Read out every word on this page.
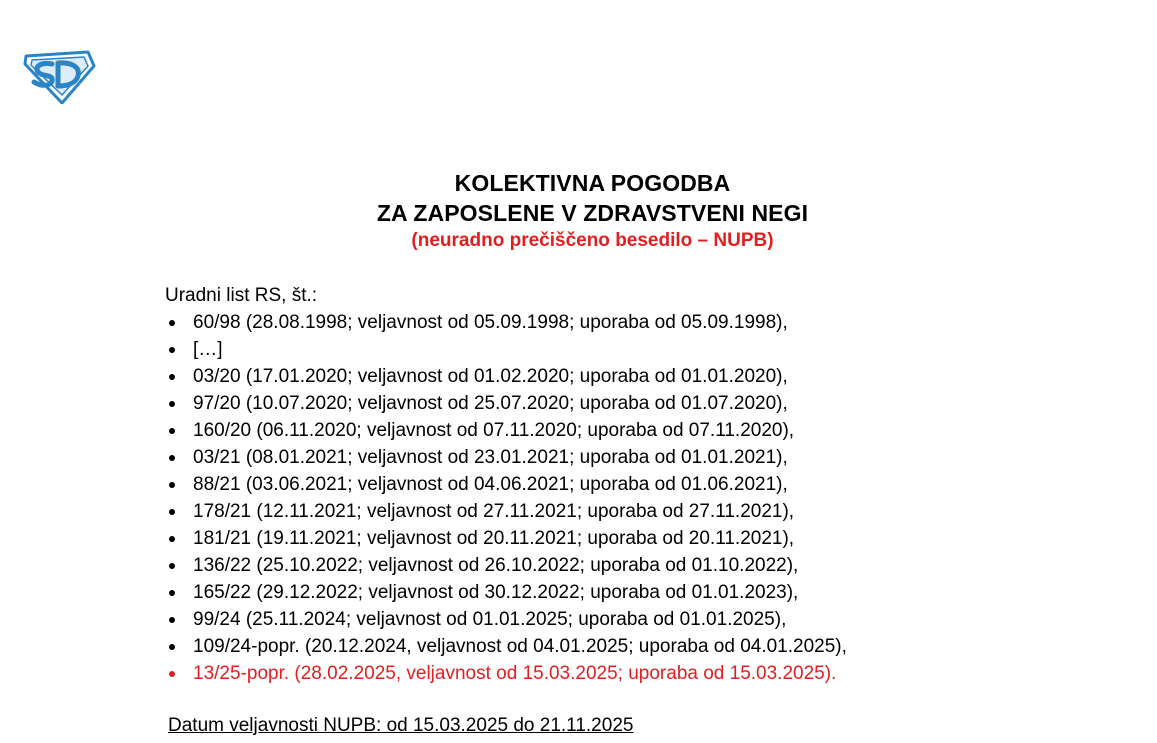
KOLEKTIVNA POGODBA
ZA ZAPOSLENE V ZDRAVSTVENI NEGI
(neuradno prečiščeno besedilo – NUPB)
Uradni list RS, št.:
60/98 (28.08.1998; veljavnost od 05.09.1998; uporaba od 05.09.1998),
[…]
03/20 (17.01.2020; veljavnost od 01.02.2020; uporaba od 01.01.2020),
97/20 (10.07.2020; veljavnost od 25.07.2020; uporaba od 01.07.2020),
160/20 (06.11.2020; veljavnost od 07.11.2020; uporaba od 07.11.2020),
03/21 (08.01.2021; veljavnost od 23.01.2021; uporaba od 01.01.2021),
88/21 (03.06.2021; veljavnost od 04.06.2021; uporaba od 01.06.2021),
178/21 (12.11.2021; veljavnost od 27.11.2021; uporaba od 27.11.2021),
181/21 (19.11.2021; veljavnost od 20.11.2021; uporaba od 20.11.2021),
136/22 (25.10.2022; veljavnost od 26.10.2022; uporaba od 01.10.2022),
165/22 (29.12.2022; veljavnost od 30.12.2022; uporaba od 01.01.2023),
99/24 (25.11.2024; veljavnost od 01.01.2025; uporaba od 01.01.2025),
109/24-popr. (20.12.2024, veljavnost od 04.01.2025; uporaba od 04.01.2025),
13/25-popr. (28.02.2025, veljavnost od 15.03.2025; uporaba od 15.03.2025).
Datum veljavnosti NUPB: od 15.03.2025 do 21.11.2025
